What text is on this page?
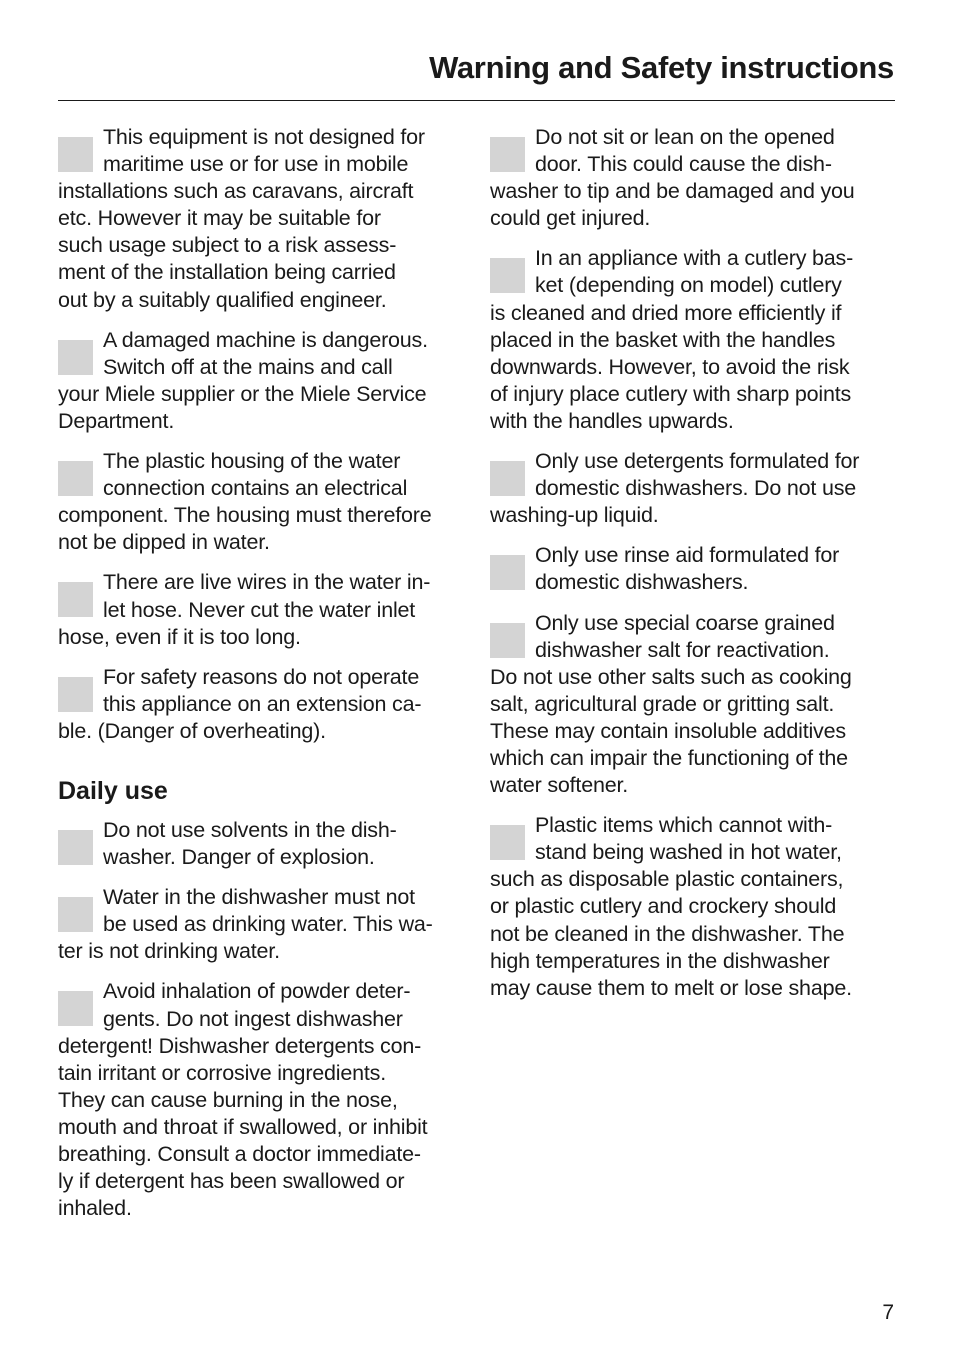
Warning and Safety instructions
This equipment is not designed for
maritime use or for use in mobile
installations such as caravans, aircraft
etc. However it may be suitable for
such usage subject to a risk assess-
ment of the installation being carried
out by a suitably qualified engineer.
A damaged machine is dangerous.
Switch off at the mains and call
your Miele supplier or the Miele Service
Department.
The plastic housing of the water
connection contains an electrical
component. The housing must therefore
not be dipped in water.
There are live wires in the water in-
let hose. Never cut the water inlet
hose, even if it is too long.
For safety reasons do not operate
this appliance on an extension ca-
ble. (Danger of overheating).
Daily use
Do not use solvents in the dish-
washer. Danger of explosion.
Water in the dishwasher must not
be used as drinking water. This wa-
ter is not drinking water.
Avoid inhalation of powder deter-
gents. Do not ingest dishwasher
detergent! Dishwasher detergents con-
tain irritant or corrosive ingredients.
They can cause burning in the nose,
mouth and throat if swallowed, or inhibit
breathing. Consult a doctor immediate-
ly if detergent has been swallowed or
inhaled.
Do not sit or lean on the opened
door. This could cause the dish-
washer to tip and be damaged and you
could get injured.
In an appliance with a cutlery bas-
ket (depending on model) cutlery
is cleaned and dried more efficiently if
placed in the basket with the handles
downwards. However, to avoid the risk
of injury place cutlery with sharp points
with the handles upwards.
Only use detergents formulated for
domestic dishwashers. Do not use
washing-up liquid.
Only use rinse aid formulated for
domestic dishwashers.
Only use special coarse grained
dishwasher salt for reactivation.
Do not use other salts such as cooking
salt, agricultural grade or gritting salt.
These may contain insoluble additives
which can impair the functioning of the
water softener.
Plastic items which cannot with-
stand being washed in hot water,
such as disposable plastic containers,
or plastic cutlery and crockery should
not be cleaned in the dishwasher. The
high temperatures in the dishwasher
may cause them to melt or lose shape.
7
